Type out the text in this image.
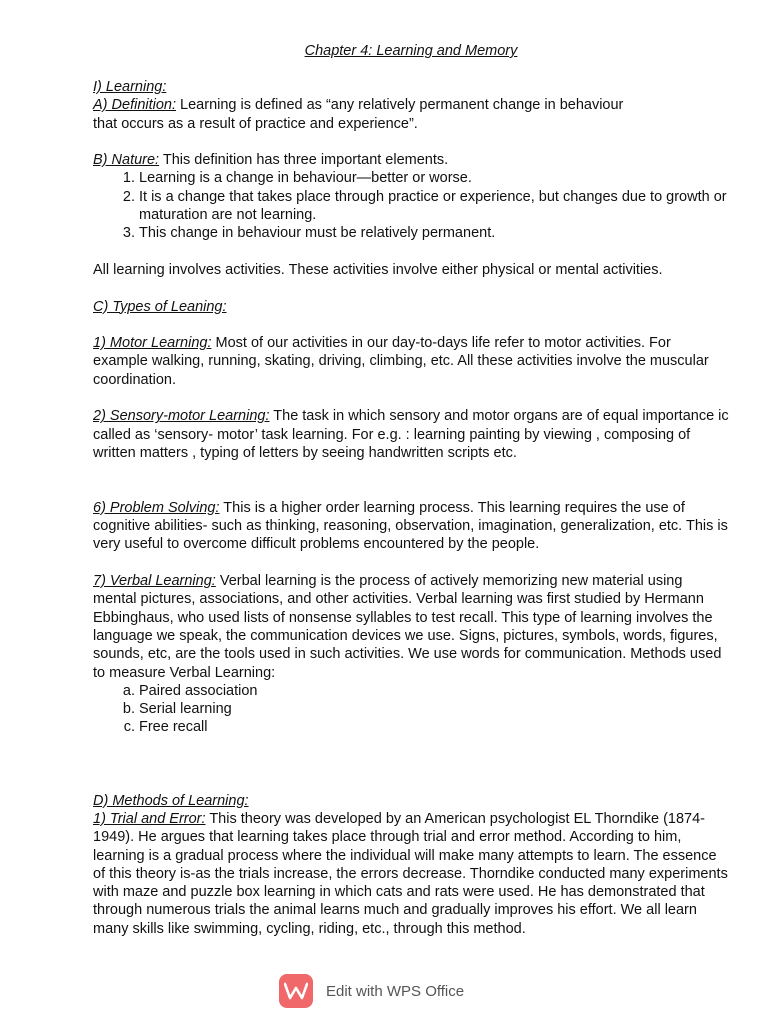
Chapter 4: Learning and Memory

I) Learning:

A) Definition: Learning is defined as “any relatively permanent change in behaviour

that occurs as a result of practice and experience”.

B) Nature: This definition has three important elements.

1. Learning is a change in behaviour—better or worse.
2. It is a change that takes place through practice or experience, but changes due to growth or maturation are not learning.
3. This change in behaviour must be relatively permanent.

All learning involves activities. These activities involve either physical or mental activities.

C) Types of Leaning:

1) Motor Learning: Most of our activities in our day-to-days life refer to motor activities. For example walking, running, skating, driving, climbing, etc. All these activities involve the muscular coordination.

2) Sensory-motor Learning: The task in which sensory and motor organs are of equal importance ic called as ‘sensory- motor’ task learning. For e.g. : learning painting by viewing , composing of written matters , typing of letters by seeing handwritten scripts etc.

6) Problem Solving: This is a higher order learning process. This learning requires the use of cognitive abilities- such as thinking, reasoning, observation, imagination, generalization, etc. This is very useful to overcome difficult problems encountered by the people.

7) Verbal Learning: Verbal learning is the process of actively memorizing new material using mental pictures, associations, and other activities. Verbal learning was first studied by Hermann Ebbinghaus, who used lists of nonsense syllables to test recall. This type of learning involves the language we speak, the communication devices we use. Signs, pictures, symbols, words, figures, sounds, etc, are the tools used in such activities. We use words for communication. Methods used to measure Verbal Learning:

a. Paired association
b. Serial learning
c. Free recall

D) Methods of Learning:

1) Trial and Error: This theory was developed by an American psychologist EL Thorndike (1874-1949). He argues that learning takes place through trial and error method. According to him, learning is a gradual process where the individual will make many attempts to learn. The essence of this theory is-as the trials increase, the errors decrease. Thorndike conducted many experiments with maze and puzzle box learning in which cats and rats were used. He has demonstrated that through numerous trials the animal learns much and gradually improves his effort. We all learn many skills like swimming, cycling, riding, etc., through this method.

Edit with WPS Office
